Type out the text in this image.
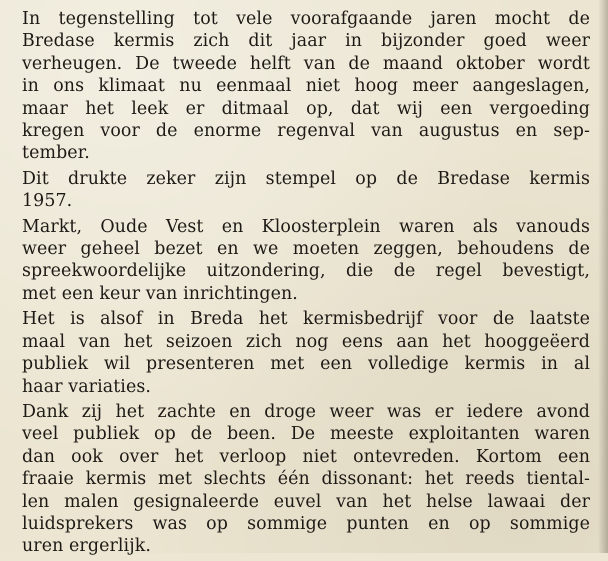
In tegenstelling tot vele voorafgaande jaren mocht de
Bredase kermis zich dit jaar in bijzonder goed weer
verheugen. De tweede helft van de maand oktober wordt
in ons klimaat nu eenmaal niet hoog meer aangeslagen,
maar het leek er ditmaal op, dat wij een vergoeding
kregen voor de enorme regenval van augustus en sep-
tember.
Dit drukte zeker zijn stempel op de Bredase kermis
1957.
Markt, Oude Vest en Kloosterplein waren als vanouds
weer geheel bezet en we moeten zeggen, behoudens de
spreekwoordelijke uitzondering, die de regel bevestigt,
met een keur van inrichtingen.
Het is alsof in Breda het kermisbedrijf voor de laatste
maal van het seizoen zich nog eens aan het hooggeëerd
publiek wil presenteren met een volledige kermis in al
haar variaties.
Dank zij het zachte en droge weer was er iedere avond
veel publiek op de been. De meeste exploitanten waren
dan ook over het verloop niet ontevreden. Kortom een
fraaie kermis met slechts één dissonant: het reeds tiental-
len malen gesignaleerde euvel van het helse lawaai der
luidsprekers was op sommige punten en op sommige
uren ergerlijk.
